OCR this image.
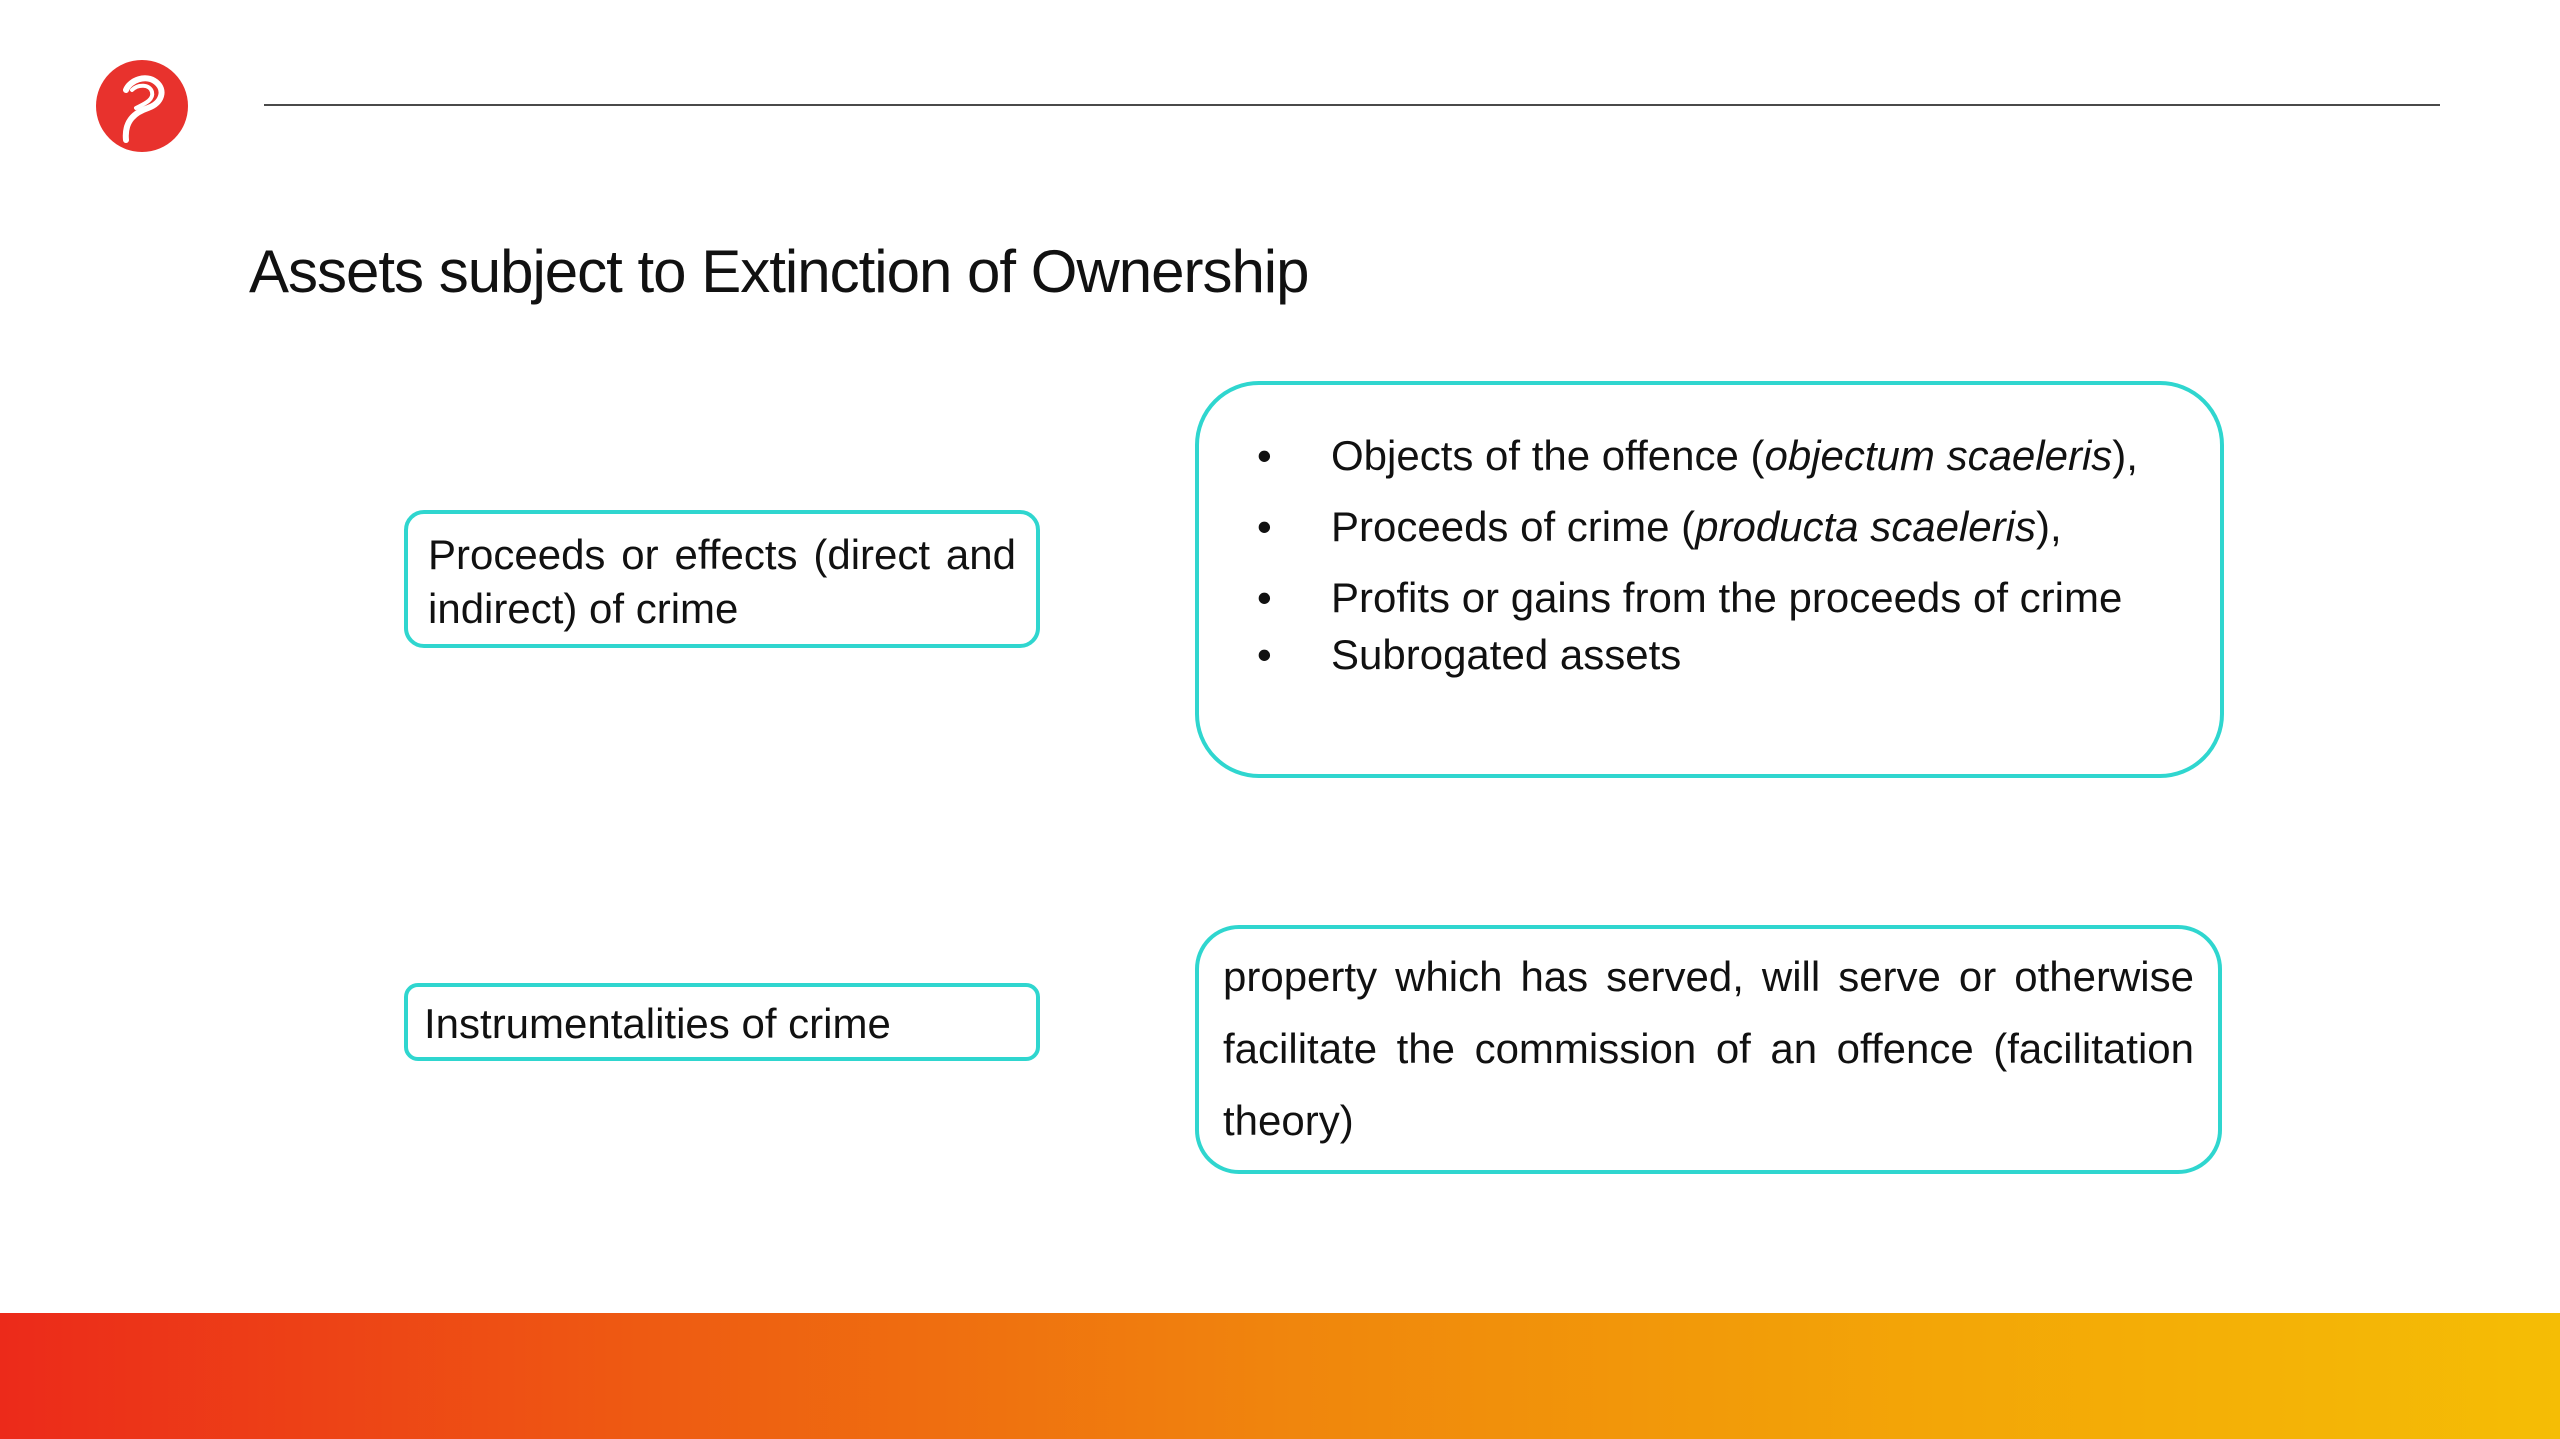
Assets subject to Extinction of Ownership
Proceeds or effects (direct and indirect) of crime
Instrumentalities of crime
• Objects of the offence (objectum scaeleris),
• Proceeds of crime (producta scaeleris),
• Profits or gains from the proceeds of crime
• Subrogated assets
property which has served, will serve or otherwise facilitate the commission of an offence (facilitation theory)
